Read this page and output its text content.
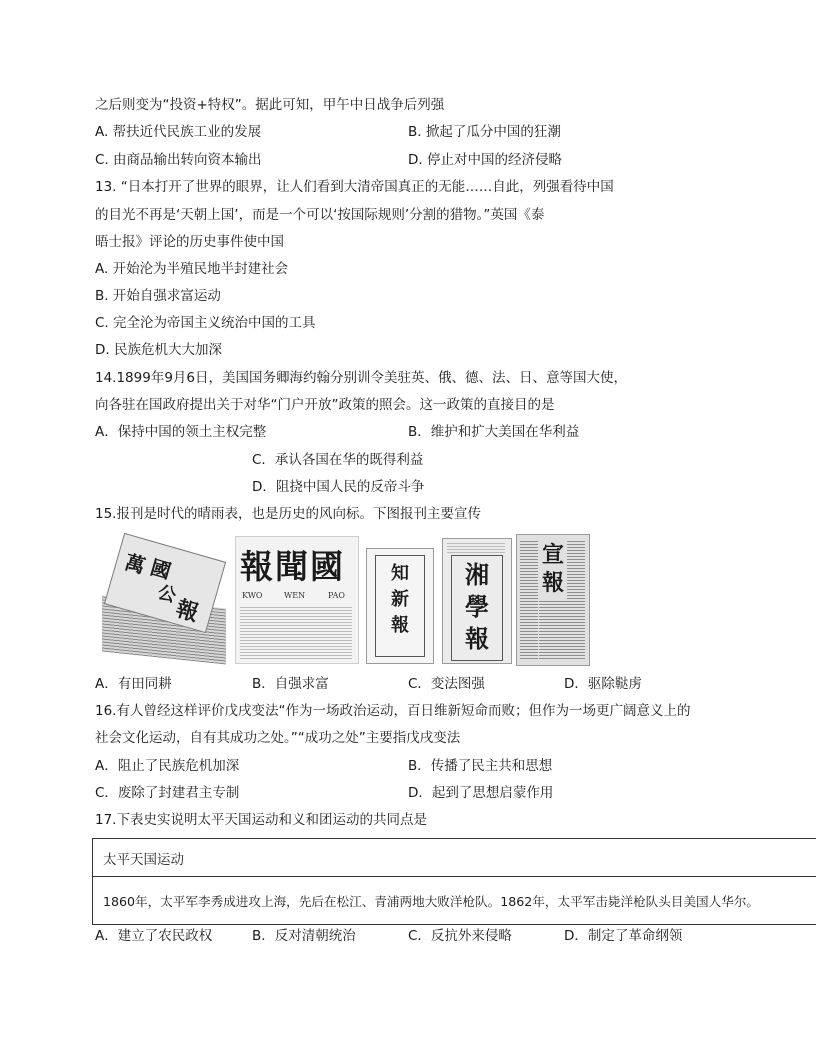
之后则变为“投资+特权”。据此可知，甲午中日战争后列强
A. 帮扶近代民族工业的发展	B. 掀起了瓜分中国的狂潮
C. 由商品输出转向资本输出	D. 停止对中国的经济侵略
13. “日本打开了世界的眼界，让人们看到大清帝国真正的无能……自此，列强看待中国
的目光不再是‘天朝上国’，而是一个可以‘按国际规则’分割的猎物。”英国《泰
晤士报》评论的历史事件使中国
A. 开始沦为半殖民地半封建社会
B. 开始自强求富运动
C. 完全沦为帝国主义统治中国的工具
D. 民族危机大大加深
14.1899年9月6日，美国国务卿海约翰分别训令美驻英、俄、德、法、日、意等国大使，
向各驻在国政府提出关于对华“门户开放”政策的照会。这一政策的直接目的是
A．保持中国的领土主权完整	B．维护和扩大美国在华利益
C．承认各国在华的既得利益
D．阻挠中国人民的反帝斗争
15.报刊是时代的晴雨表，也是历史的风向标。下图报刊主要宣传
萬 國
公
報
報聞國
KWO	WEN	PAO
知新報
湘學報
宣報
A．有田同耕	B．自强求富	C．变法图强	D．驱除鞑虏
16.有人曾经这样评价戊戌变法“作为一场政治运动，百日维新短命而败；但作为一场更广阔意义上的
社会文化运动，自有其成功之处。”“成功之处”主要指戊戌变法
A．阻止了民族危机加深	B．传播了民主共和思想
C．废除了封建君主专制	D．起到了思想启蒙作用
17.下表史实说明太平天国运动和义和团运动的共同点是
太平天国运动
1860年，太平军李秀成进攻上海，先后在松江、青浦两地大败洋枪队。1862年，太平军击毙洋枪队头目美国人华尔。
A．建立了农民政权	B．反对清朝统治	C．反抗外来侵略	D．制定了革命纲领
